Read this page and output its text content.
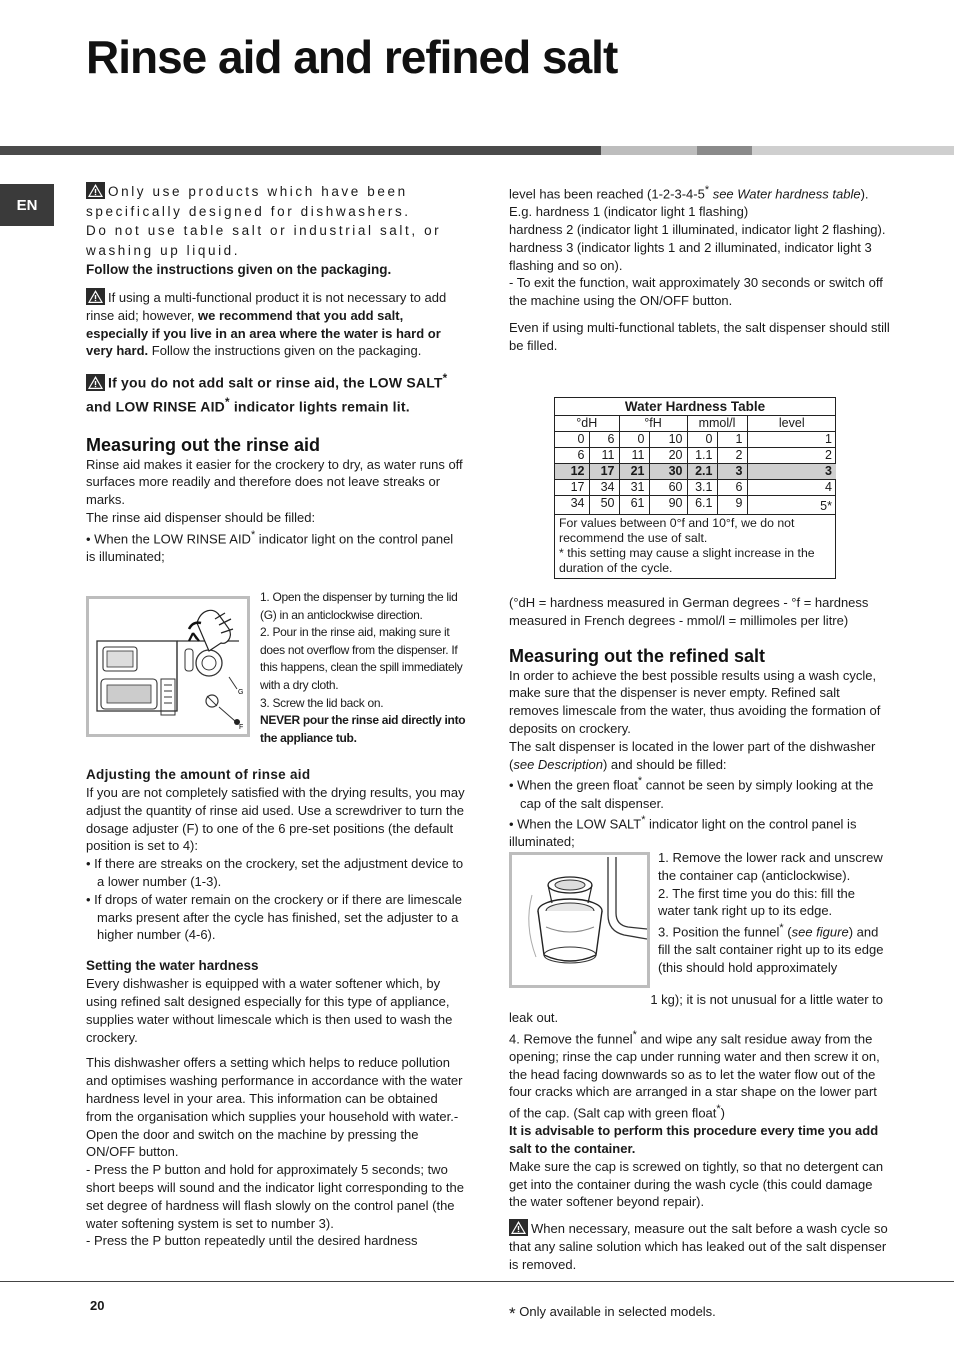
Rinse aid and refined salt
EN
Only use products which have been
specifically designed for dishwashers.
Do not use table salt or industrial salt, or
washing up liquid.

Follow the instructions given on the packaging.

If using a multi-functional product it is not necessary to add rinse aid; however, we recommend that you add salt, especially if you live in an area where the water is hard or very hard. Follow the instructions given on the packaging.

If you do not add salt or rinse aid, the LOW SALT* and LOW RINSE AID* indicator lights remain lit.

Measuring out the rinse aid

Rinse aid makes it easier for the crockery to dry, as water runs off surfaces more readily and therefore does not leave streaks or marks.

The rinse aid dispenser should be filled:

• When the LOW RINSE AID* indicator light on the control panel is illuminated;

G
F

1. Open the dispenser by turning the lid (G) in an anticlockwise direction.

2. Pour in the rinse aid, making sure it does not overflow from the dispenser. If this happens, clean the spill immediately with a dry cloth.

3. Screw the lid back on.

NEVER pour the rinse aid directly into the appliance tub.

Adjusting the amount of rinse aid

If you are not completely satisfied with the drying results, you may adjust the quantity of rinse aid used. Use a screwdriver to turn the dosage adjuster (F) to one of the 6 pre-set positions (the default position is set to 4):

• If there are streaks on the crockery, set the adjustment device to a lower number (1-3).

• If drops of water remain on the crockery or if there are limescale marks present after the cycle has finished, set the adjuster to a higher number (4-6).

Setting the water hardness

Every dishwasher is equipped with a water softener which, by using refined salt designed especially for this type of appliance, supplies water without limescale which is then used to wash the crockery.

This dishwasher offers a setting which helps to reduce pollution and optimises washing performance in accordance with the water hardness level in your area. This information can be obtained from the organisation which supplies your household with water.- Open the door and switch on the machine by pressing the ON/OFF button.

- Press the P button and hold for approximately 5 seconds; two short beeps will sound and the indicator light corresponding to the set degree of hardness will flash slowly on the control panel (the water softening system is set to number 3).

- Press the P button repeatedly until the desired hardness

level has been reached (1-2-3-4-5* see Water hardness table).

E.g. hardness 1 (indicator light 1 flashing)

hardness 2 (indicator light 1 illuminated, indicator light 2 flashing).

hardness 3 (indicator lights 1 and 2 illuminated, indicator light 3 flashing and so on).

- To exit the function, wait approximately 30 seconds or switch off the machine using the ON/OFF button.

Even if using multi-functional tablets, the salt dispenser should still be filled.

Water Hardness Table
°dH		°fH		mmol/l		level
0	6	0	10	0	1	1
6	11	11	20	1.1	2	2
12	17	21	30	2.1	3	3
17	34	31	60	3.1	6	4
34	50	61	90	6.1	9	5*
For values between 0°f and 10°f, we do not recommend the use of salt.
* this setting may cause a slight increase in the duration of the cycle.

(°dH = hardness measured in German degrees - °f = hardness measured in French degrees - mmol/l = millimoles per litre)

Measuring out the refined salt

In order to achieve the best possible results using a wash cycle, make sure that the dispenser is never empty. Refined salt removes limescale from the water, thus avoiding the formation of deposits on crockery.

The salt dispenser is located in the lower part of the dishwasher (see Description) and should be filled:

• When the green float* cannot be seen by simply looking at the cap of the salt dispenser.

• When the LOW SALT* indicator light on the control panel is illuminated;

1. Remove the lower rack and unscrew the container cap (anticlockwise).

2. The first time you do this: fill the water tank right up to its edge.

3. Position the funnel* (see figure) and fill the salt container right up to its edge (this should hold approximately

1 kg); it is not unusual for a little water to

leak out.

4. Remove the funnel* and wipe any salt residue away from the opening; rinse the cap under running water and then screw it on, the head facing downwards so as to let the water flow out of the four cracks which are arranged in a star shape on the lower part of the cap. (Salt cap with green float*)

It is advisable to perform this procedure every time you add salt to the container.

Make sure the cap is screwed on tightly, so that no detergent can get into the container during the wash cycle (this could damage the water softener beyond repair).

When necessary, measure out the salt before a wash cycle so that any saline solution which has leaked out of the salt dispenser is removed.

20	* Only available in selected models.
